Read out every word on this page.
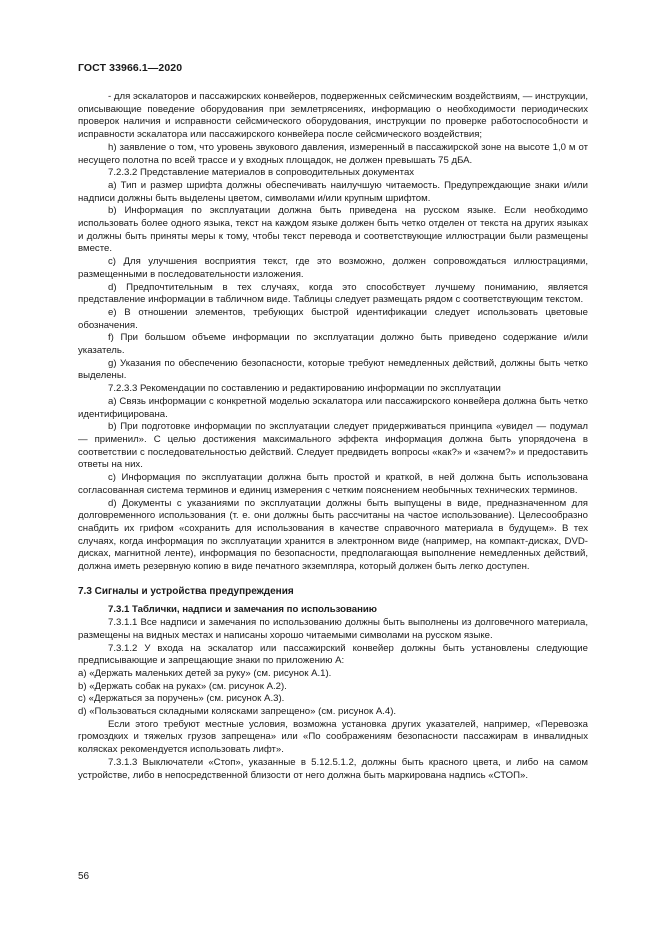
ГОСТ 33966.1—2020

- для эскалаторов и пассажирских конвейеров, подверженных сейсмическим воздействиям, — инструкции, описывающие поведение оборудования при землетрясениях, информацию о необходимости периодических проверок наличия и исправности сейсмического оборудования, инструкции по проверке работоспособности и исправности эскалатора или пассажирского конвейера после сейсмического воздействия;

h) заявление о том, что уровень звукового давления, измеренный в пассажирской зоне на высоте 1,0 м от несущего полотна по всей трассе и у входных площадок, не должен превышать 75 дБА.

7.2.3.2 Представление материалов в сопроводительных документах

a) Тип и размер шрифта должны обеспечивать наилучшую читаемость. Предупреждающие знаки и/или надписи должны быть выделены цветом, символами и/или крупным шрифтом.

b) Информация по эксплуатации должна быть приведена на русском языке. Если необходимо использовать более одного языка, текст на каждом языке должен быть четко отделен от текста на других языках и должны быть приняты меры к тому, чтобы текст перевода и соответствующие иллюстрации были размещены вместе.

c) Для улучшения восприятия текст, где это возможно, должен сопровождаться иллюстрациями, размещенными в последовательности изложения.

d) Предпочтительным в тех случаях, когда это способствует лучшему пониманию, является представление информации в табличном виде. Таблицы следует размещать рядом с соответствующим текстом.

e) В отношении элементов, требующих быстрой идентификации следует использовать цветовые обозначения.

f) При большом объеме информации по эксплуатации должно быть приведено содержание и/или указатель.

g) Указания по обеспечению безопасности, которые требуют немедленных действий, должны быть четко выделены.

7.2.3.3 Рекомендации по составлению и редактированию информации по эксплуатации

a) Связь информации с конкретной моделью эскалатора или пассажирского конвейера должна быть четко идентифицирована.

b) При подготовке информации по эксплуатации следует придерживаться принципа «увидел — подумал — применил». С целью достижения максимального эффекта информация должна быть упорядочена в соответствии с последовательностью действий. Следует предвидеть вопросы «как?» и «зачем?» и предоставить ответы на них.

c) Информация по эксплуатации должна быть простой и краткой, в ней должна быть использована согласованная система терминов и единиц измерения с четким пояснением необычных технических терминов.

d) Документы с указаниями по эксплуатации должны быть выпущены в виде, предназначенном для долговременного использования (т. е. они должны быть рассчитаны на частое использование). Целесообразно снабдить их грифом «сохранить для использования в качестве справочного материала в будущем». В тех случаях, когда информация по эксплуатации хранится в электронном виде (например, на компакт-дисках, DVD-дисках, магнитной ленте), информация по безопасности, предполагающая выполнение немедленных действий, должна иметь резервную копию в виде печатного экземпляра, который должен быть легко доступен.

7.3 Сигналы и устройства предупреждения

7.3.1 Таблички, надписи и замечания по использованию

7.3.1.1 Все надписи и замечания по использованию должны быть выполнены из долговечного материала, размещены на видных местах и написаны хорошо читаемыми символами на русском языке.

7.3.1.2 У входа на эскалатор или пассажирский конвейер должны быть установлены следующие предписывающие и запрещающие знаки по приложению А:

a) «Держать маленьких детей за руку» (см. рисунок А.1).

b) «Держать собак на руках» (см. рисунок А.2).

c) «Держаться за поручень» (см. рисунок А.3).

d) «Пользоваться складными колясками запрещено» (см. рисунок А.4).

Если этого требуют местные условия, возможна установка других указателей, например, «Перевозка громоздких и тяжелых грузов запрещена» или «По соображениям безопасности пассажирам в инвалидных колясках рекомендуется использовать лифт».

7.3.1.3 Выключатели «Стоп», указанные в 5.12.5.1.2, должны быть красного цвета, и либо на самом устройстве, либо в непосредственной близости от него должна быть маркирована надпись «СТОП».

56
